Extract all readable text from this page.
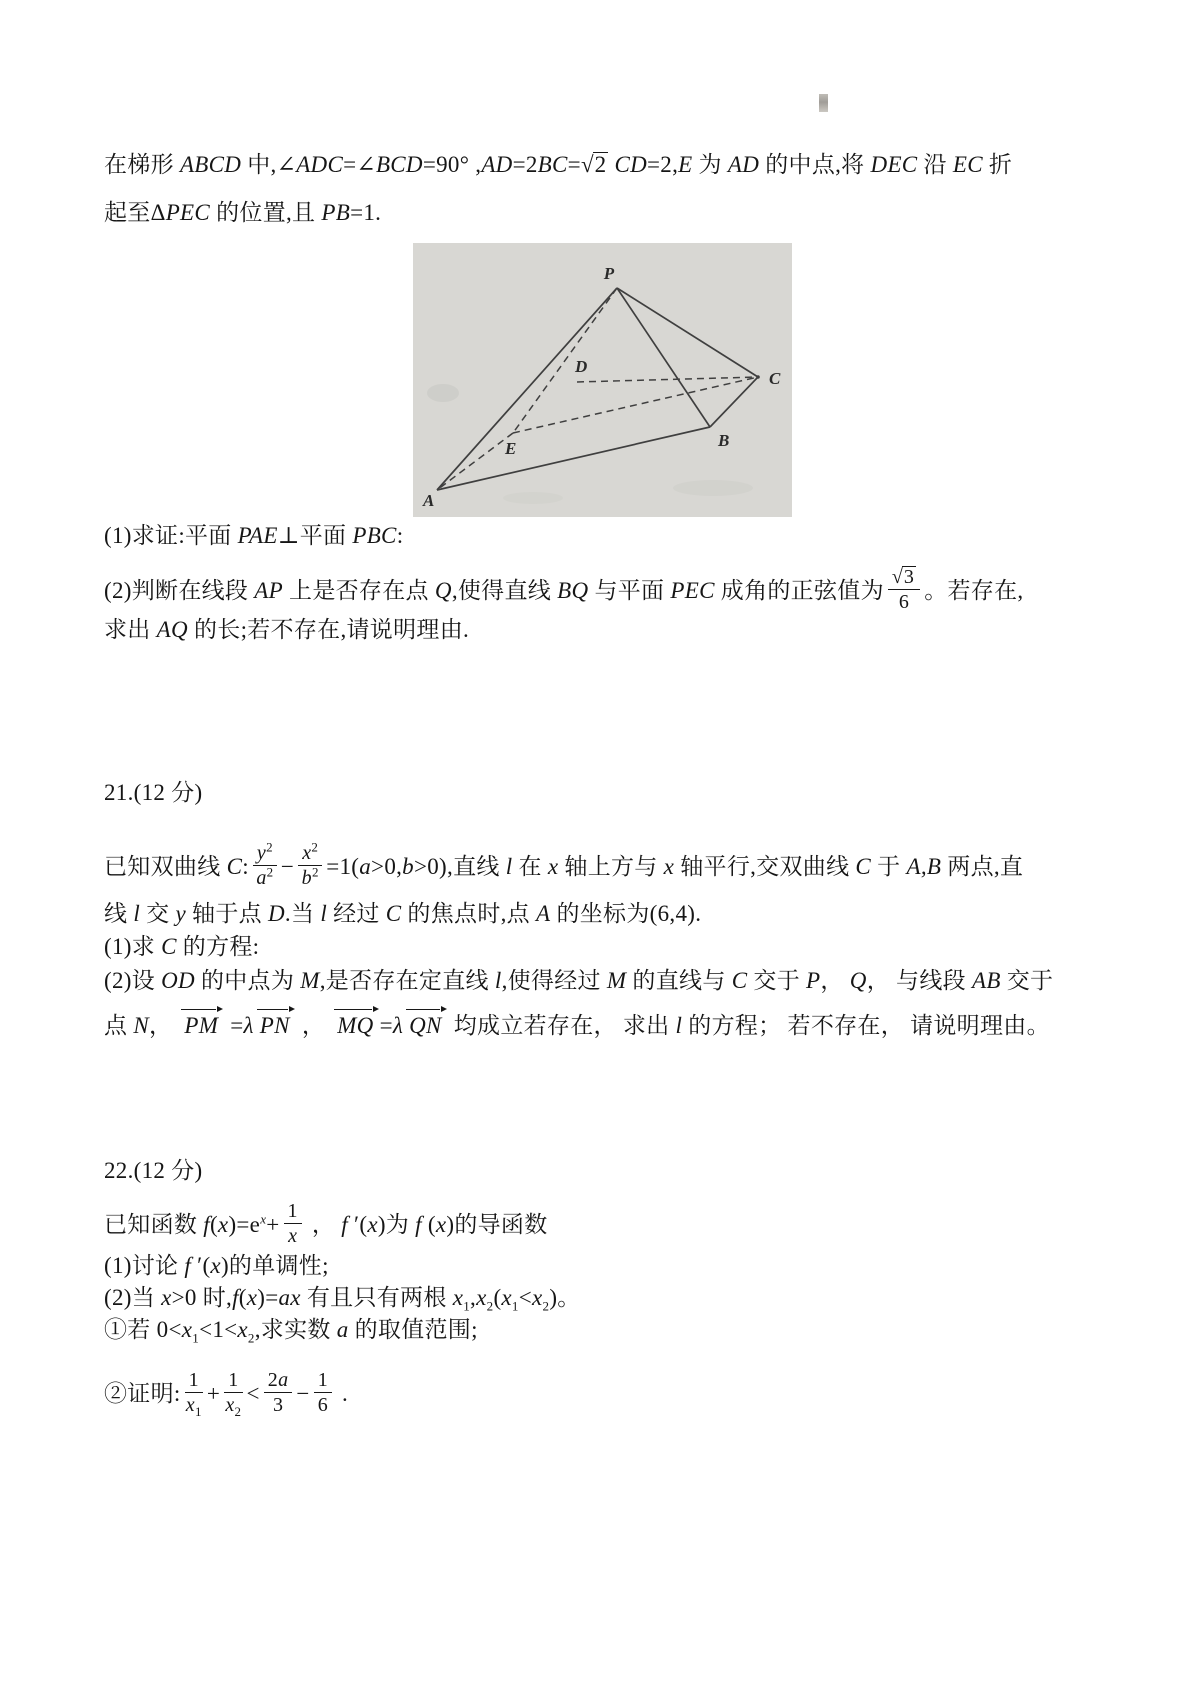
在梯形 ABCD 中,∠ADC=∠BCD=90° ,AD=2BC=√2 CD=2,E 为 AD 的中点,将 DEC 沿 EC 折
起至ΔPEC 的位置,且 PB=1.
P
A
B
C
D
E
(1)求证:平面 PAE⊥平面 PBC:
(2)判断在线段 AP 上是否存在点 Q,使得直线 BQ 与平面 PEC 成角的正弦值为 $\frac{√ 3}{6}$ 。若存在,
求出 AQ 的长;若不存在,请说明理由.
21.(12 分)
已知双曲线 C: $\frac{y^2}{a^2} - \frac{x^2}{b^2} =1(a>0,b>0)$,直线 l 在 x 轴上方与 x 轴平行,交双曲线 C 于 A,B 两点,直
线 l 交 y 轴于点 D.当 l 经过 C 的焦点时,点 A 的坐标为(6,4).
(1)求 C 的方程:
(2)设 OD 的中点为 M,是否存在定直线 l,使得经过 M 的直线与 C 交于 P， Q， 与线段 AB 交于
点 N， PM =λ PN ， MQ =λ QN 均成立若存在， 求出 l 的方程； 若不存在， 请说明理由。
22.(12 分)
已知函数 $f(x)=e^x+ \frac{1}{x}$ ， f ′(x)为 f (x)的导函数
(1)讨论 f ′(x)的单调性;
(2)当 x>0 时,f(x)=ax 有且只有两根 $x_1,x_2(x_1<x_2)$。
①若 $0<x_1<1<x_2$,求实数 a 的取值范围;
②证明: $\frac{1}{x_1} + \frac{1}{x_2} < \frac{2a}{3} - \frac{1}{6}$ .
